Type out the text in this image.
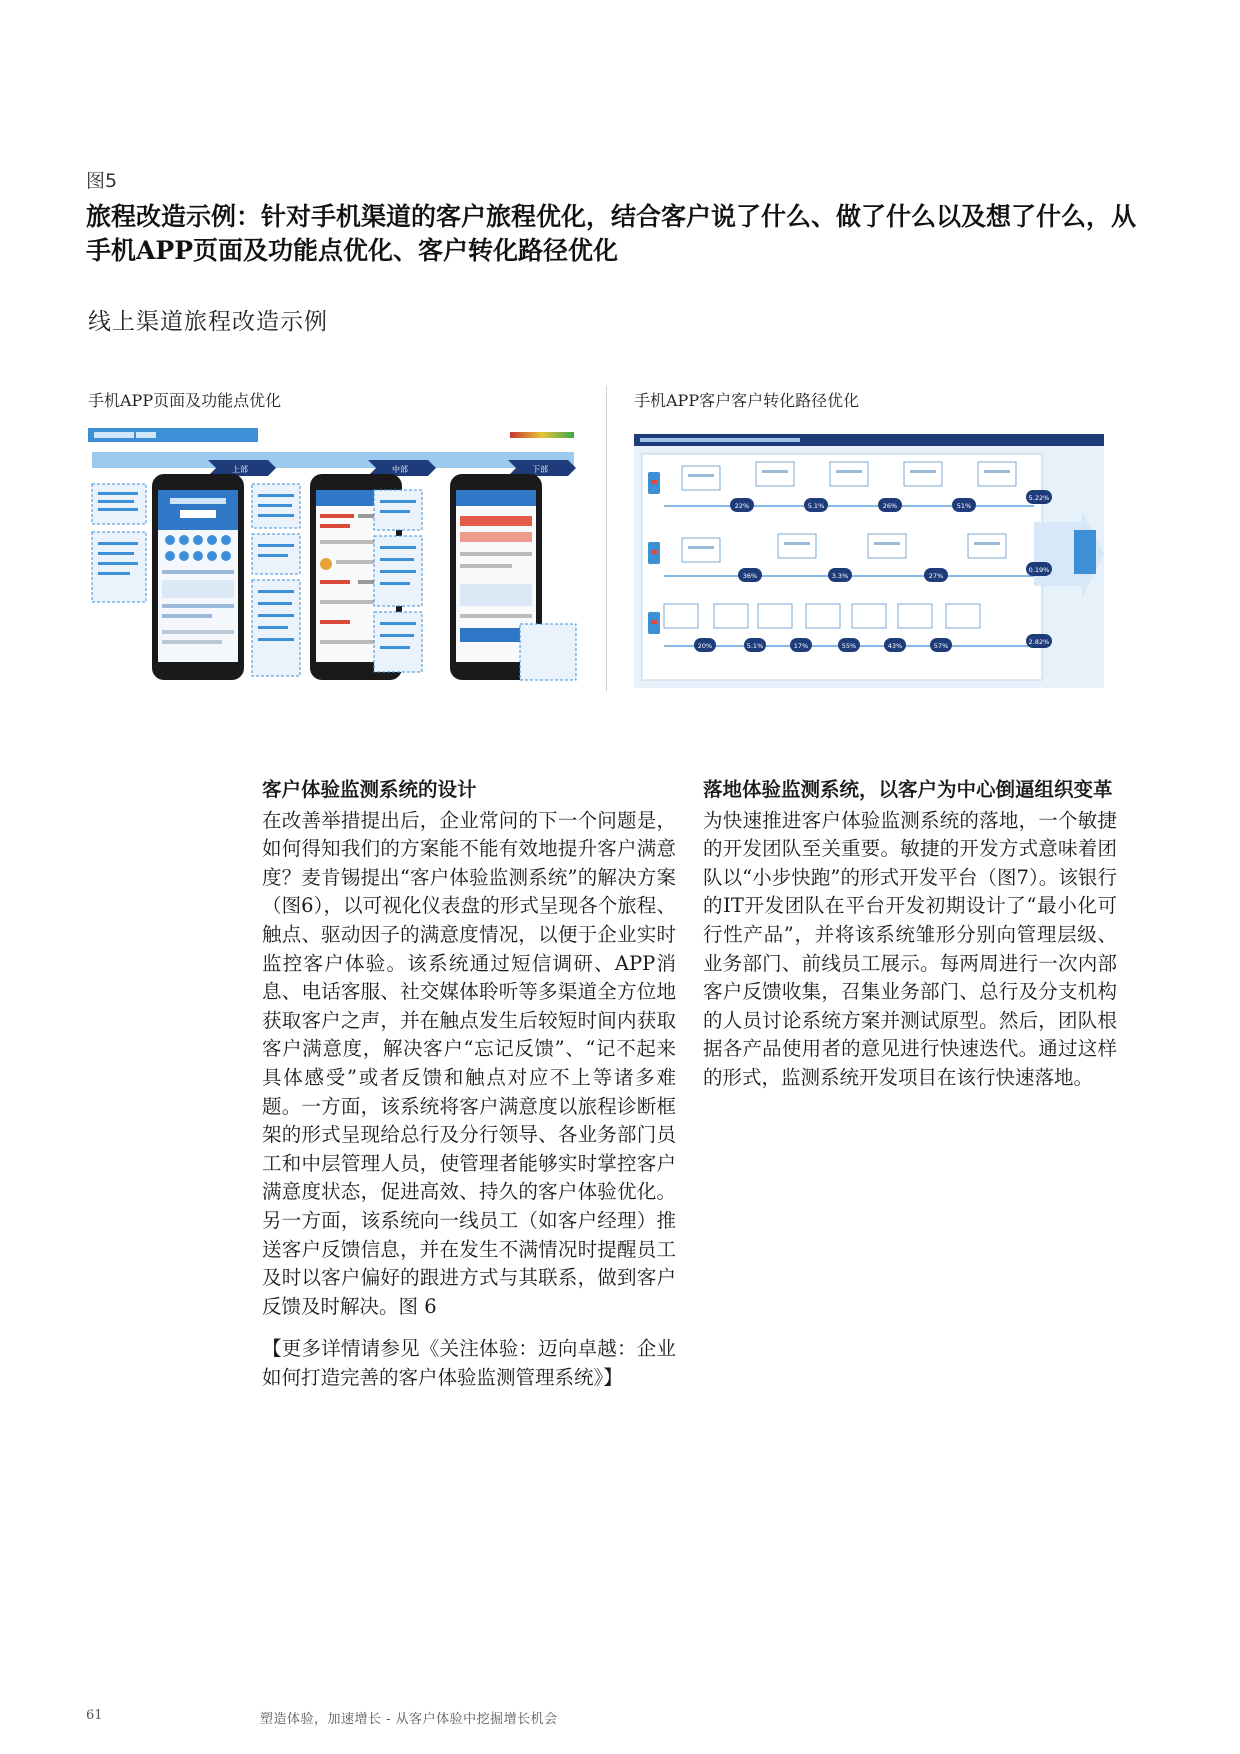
图5
旅程改造示例：针对手机渠道的客户旅程优化，结合客户说了什么、做了什么以及想了什么，从手机APP页面及功能点优化、客户转化路径优化
线上渠道旅程改造示例
手机APP页面及功能点优化	手机APP客户客户转化路径优化
上部	中部	下部
22%	5.1%	26%	51%
5.22%
36%	3.3%	27%
0.19%
20%	5.1%	17%	55%	43%	57%	2.82%
客户体验监测系统的设计
在改善举措提出后，企业常问的下一个问题是，如何得知我们的方案能不能有效地提升客户满意度？麦肯锡提出“客户体验监测系统”的解决方案（图6），以可视化仪表盘的形式呈现各个旅程、触点、驱动因子的满意度情况，以便于企业实时监控客户体验。该系统通过短信调研、APP消息、电话客服、社交媒体聆听等多渠道全方位地获取客户之声，并在触点发生后较短时间内获取客户满意度，解决客户“忘记反馈”、“记不起来具体感受”或者反馈和触点对应不上等诸多难题。一方面，该系统将客户满意度以旅程诊断框架的形式呈现给总行及分行领导、各业务部门员工和中层管理人员，使管理者能够实时掌控客户满意度状态，促进高效、持久的客户体验优化。另一方面，该系统向一线员工（如客户经理）推送客户反馈信息，并在发生不满情况时提醒员工及时以客户偏好的跟进方式与其联系，做到客户反馈及时解决。图 6
【更多详情请参见《关注体验：迈向卓越：企业如何打造完善的客户体验监测管理系统》】
落地体验监测系统，以客户为中心倒逼组织变革
为快速推进客户体验监测系统的落地，一个敏捷的开发团队至关重要。敏捷的开发方式意味着团队以“小步快跑”的形式开发平台（图7）。该银行的IT开发团队在平台开发初期设计了“最小化可行性产品”，并将该系统雏形分别向管理层级、业务部门、前线员工展示。每两周进行一次内部客户反馈收集，召集业务部门、总行及分支机构的人员讨论系统方案并测试原型。然后，团队根据各产品使用者的意见进行快速迭代。通过这样的形式，监测系统开发项目在该行快速落地。
61	塑造体验，加速增长 - 从客户体验中挖掘增长机会
